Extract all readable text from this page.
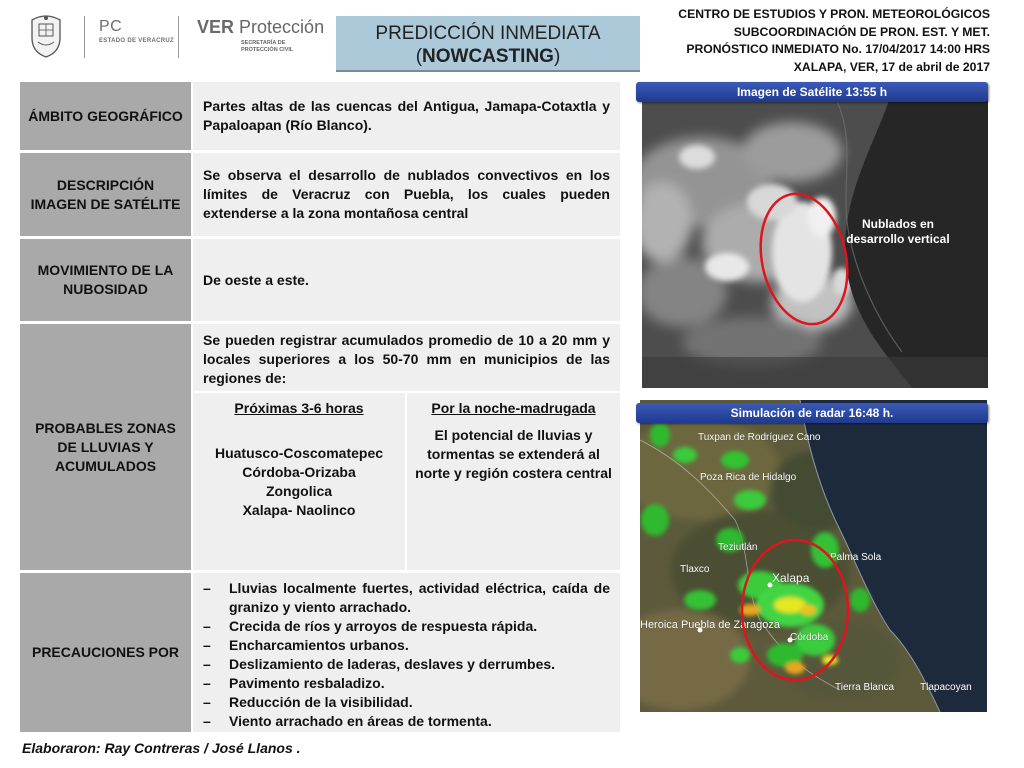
PC
ESTADO DE VERACRUZ
VER Protección
SECRETARÍA DE PROTECCIÓN CIVIL
PREDICCIÓN INMEDIATA
(NOWCASTING)
CENTRO DE ESTUDIOS Y PRON. METEOROLÓGICOS
SUBCOORDINACIÓN DE PRON. EST. Y MET.
PRONÓSTICO INMEDIATO No. 17/04/2017 14:00 HRS
XALAPA, VER, 17 de abril de 2017
ÁMBITO GEOGRÁFICO
Partes altas de las cuencas del Antigua, Jamapa-Cotaxtla y Papaloapan (Río Blanco).
DESCRIPCIÓN IMAGEN DE SATÉLITE
Se observa el desarrollo de nublados convectivos en los límites de Veracruz con Puebla, los cuales pueden extenderse a la zona montañosa central
MOVIMIENTO DE LA NUBOSIDAD
De oeste a este.
PROBABLES ZONAS DE LLUVIAS Y ACUMULADOS
Se pueden registrar acumulados promedio de 10 a 20 mm y locales superiores a los 50-70 mm en municipios de las regiones de:
Próximas 3-6 horas
Huatusco-Coscomatepec
Córdoba-Orizaba
Zongolica
Xalapa- Naolinco
Por la noche-madrugada
El potencial de lluvias y tormentas se extenderá al norte y región costera central
PRECAUCIONES POR
– Lluvias localmente fuertes, actividad eléctrica, caída de granizo y viento arrachado.
– Crecida de ríos y arroyos de respuesta rápida.
– Encharcamientos urbanos.
– Deslizamiento de laderas, deslaves y derrumbes.
– Pavimento resbaladizo.
– Reducción de la visibilidad.
– Viento arrachado en áreas de tormenta.
Imagen de Satélite 13:55 h
Nublados en
desarrollo vertical
Tuxpan de Rodríguez Cano
Poza Rica de Hidalgo
Teziutlán
Xalapa
Palma Sola
Córdoba
Tlaxco
Heroica Puebla de Zaragoza
Tierra Blanca	Tlapacoyan
Simulación de radar 16:48 h.
Elaboraron: Ray Contreras / José Llanos .
